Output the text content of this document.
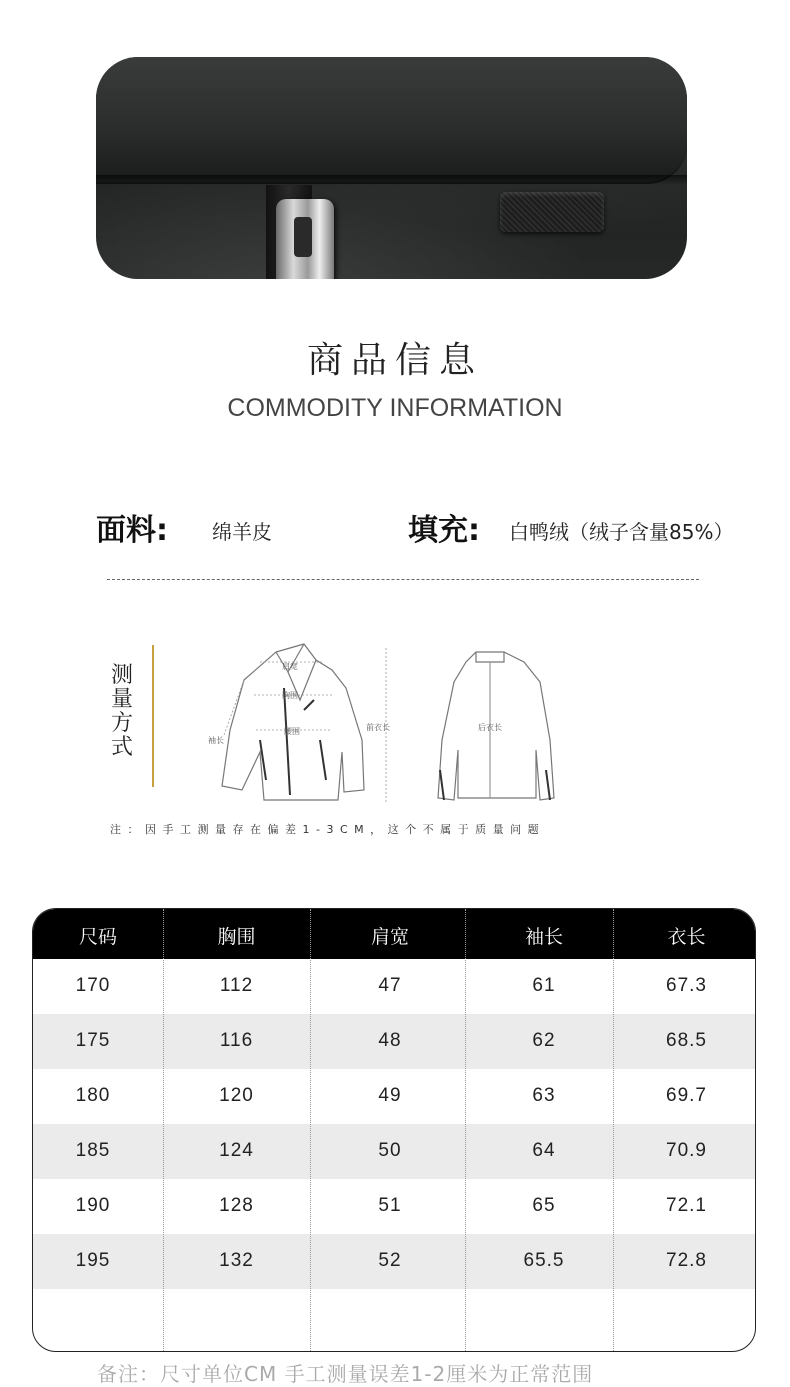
商品信息
COMMODITY INFORMATION
面料: 绵羊皮	填充: 白鸭绒（绒子含量85%）
测量方式
肩宽
胸围
腰围
袖长
前衣长	后衣长
注：因手工测量存在偏差1-3CM，这个不属于质量问题
尺码	胸围	肩宽	袖长	衣长
170	112	47	61	67.3
175	116	48	62	68.5
180	120	49	63	69.7
185	124	50	64	70.9
190	128	51	65	72.1
195	132	52	65.5	72.8
备注：尺寸单位CM 手工测量误差1-2厘米为正常范围
